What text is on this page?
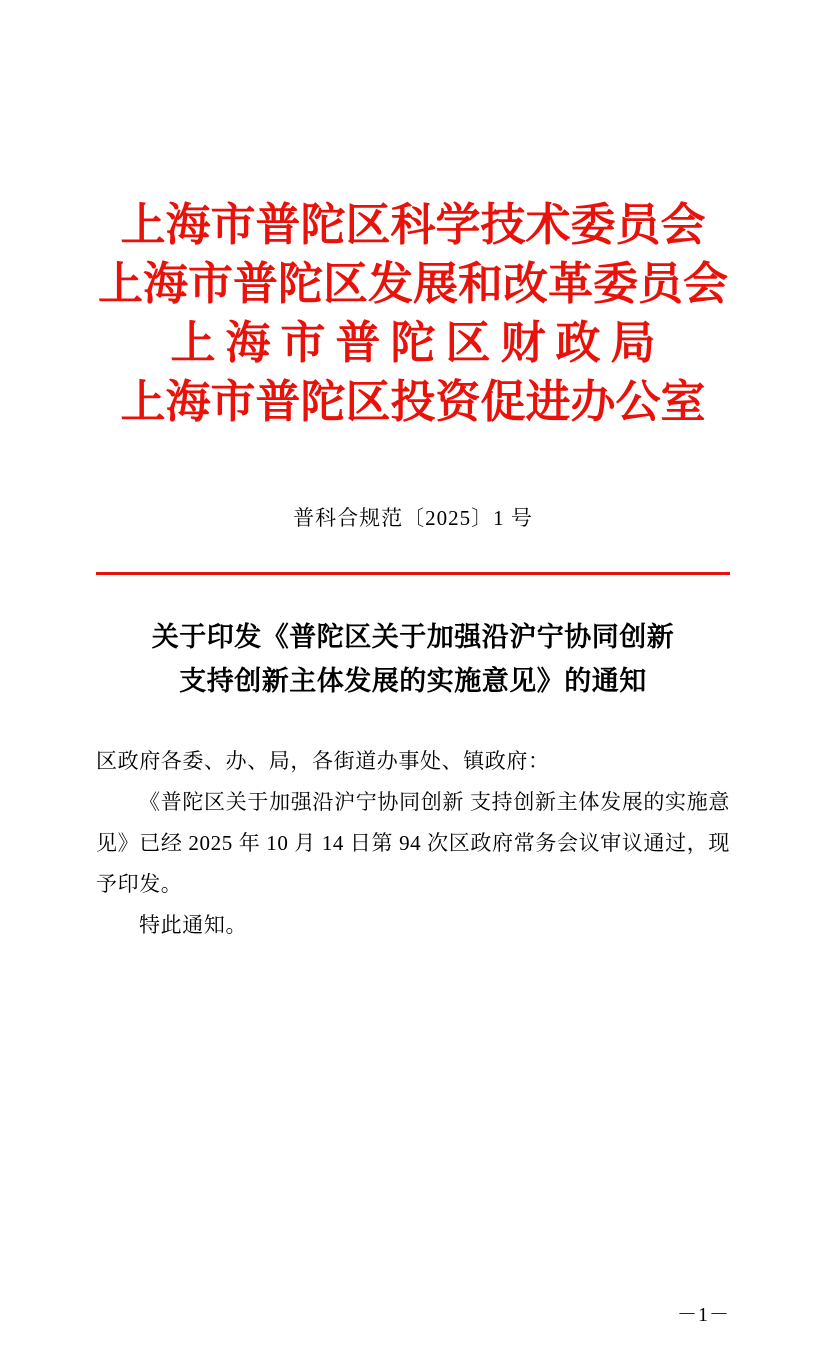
上海市普陀区科学技术委员会
上海市普陀区发展和改革委员会
上海市普陀区财政局
上海市普陀区投资促进办公室
普科合规范〔2025〕1 号
关于印发《普陀区关于加强沿沪宁协同创新
支持创新主体发展的实施意见》的通知
区政府各委、办、局，各街道办事处、镇政府：
《普陀区关于加强沿沪宁协同创新 支持创新主体发展的实施意见》已经 2025 年 10 月 14 日第 94 次区政府常务会议审议通过，现予印发。
特此通知。
－1－
